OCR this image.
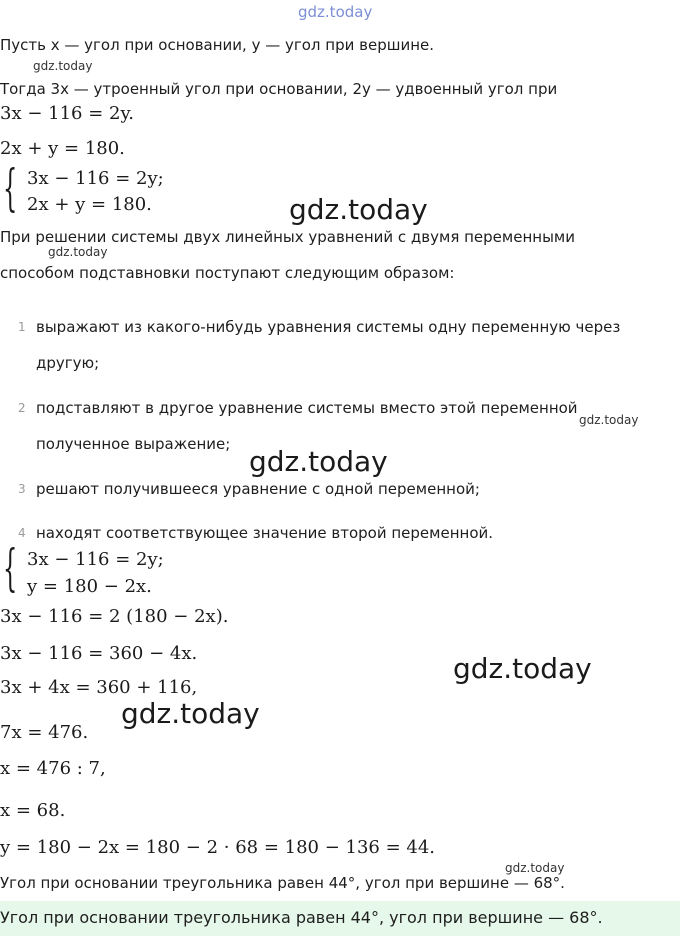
gdz.today
gdz.today
gdz.today
gdz.today
gdz.today
gdz.today
gdz.today
gdz.today
gdz.today
Пусть x — угол при основании, y — угол при вершине.
Тогда 3x — утроенный угол при основании, 2y — удвоенный угол при
3x − 116 = 2y.
2x + y = 180.
{ 3x − 116 = 2y;
2x + y = 180.
При решении системы двух линейных уравнений с двумя переменными
способом подставновки поступают следующим образом:
1 выражают из какого-нибудь уравнения системы одну переменную через
другую;
2 подставляют в другое уравнение системы вместо этой переменной
полученное выражение;
3 решают получившееся уравнение с одной переменной;
4 находят соответствующее значение второй переменной.
{ 3x − 116 = 2y;
y = 180 − 2x.
3x − 116 = 2 (180 − 2x).
3x − 116 = 360 − 4x.
3x + 4x = 360 + 116,
7x = 476.
x = 476 : 7,
x = 68.
y = 180 − 2x = 180 − 2 · 68 = 180 − 136 = 44.
Угол при основании треугольника равен 44°, угол при вершине — 68°.
Угол при основании треугольника равен 44°, угол при вершине — 68°.
